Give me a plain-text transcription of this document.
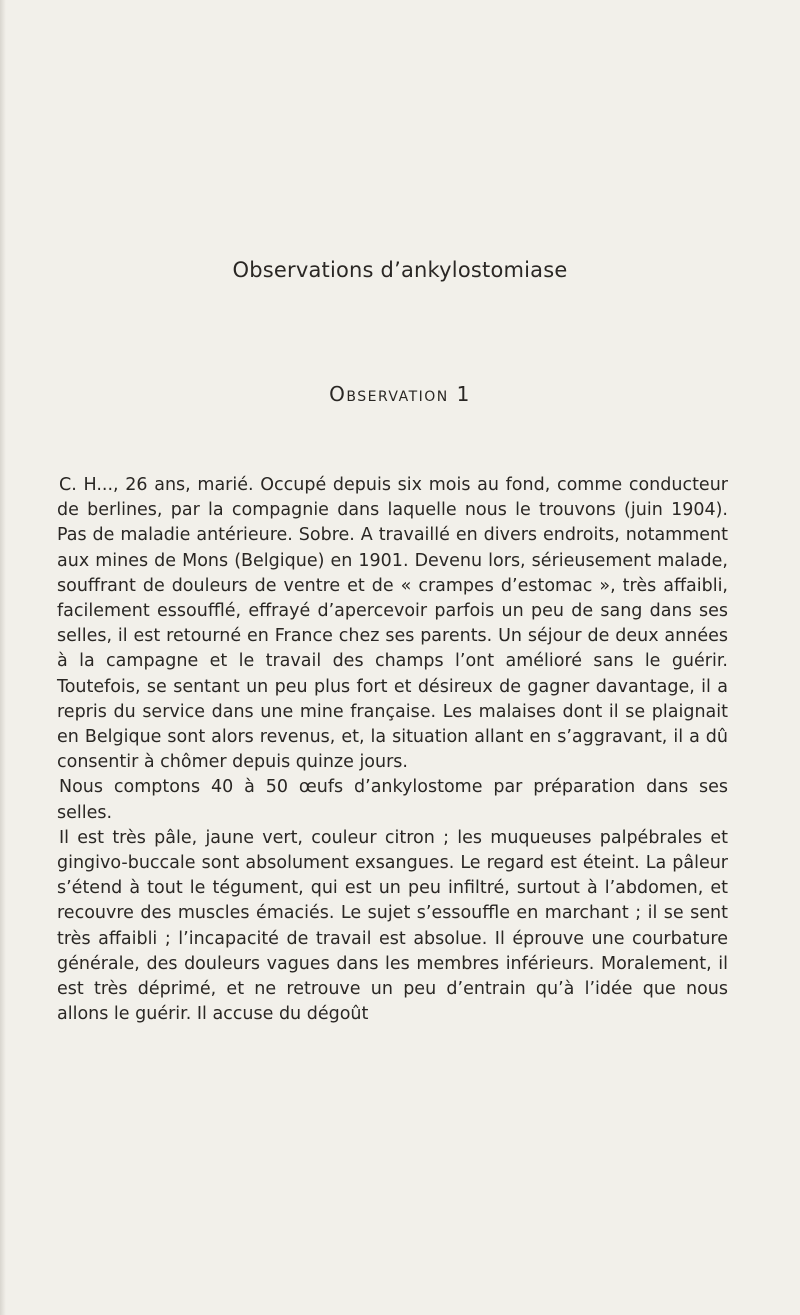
Observations d’ankylostomiase
Observation 1

C. H..., 26 ans, marié. Occupé depuis six mois au fond, comme conducteur de berlines, par la compagnie dans laquelle nous le trouvons (juin 1904). Pas de maladie antérieure. Sobre. A travaillé en divers endroits, notamment aux mines de Mons (Belgique) en 1901. Devenu lors, sérieusement malade, souffrant de douleurs de ventre et de « crampes d’estomac », très affaibli, facilement essoufflé, effrayé d’apercevoir parfois un peu de sang dans ses selles, il est retourné en France chez ses parents. Un séjour de deux années à la campagne et le travail des champs l’ont amélioré sans le guérir. Toutefois, se sentant un peu plus fort et désireux de gagner davantage, il a repris du service dans une mine française. Les malaises dont il se plaignait en Belgique sont alors revenus, et, la situation allant en s’aggravant, il a dû consentir à chômer depuis quinze jours.

Nous comptons 40 à 50 œufs d’ankylostome par préparation dans ses selles.

Il est très pâle, jaune vert, couleur citron ; les muqueuses palpébrales et gingivo-buccale sont absolument exsangues. Le regard est éteint. La pâleur s’étend à tout le tégument, qui est un peu infiltré, surtout à l’abdomen, et recouvre des muscles émaciés. Le sujet s’essouffle en marchant ; il se sent très affaibli ; l’incapacité de travail est absolue. Il éprouve une courbature générale, des douleurs vagues dans les membres inférieurs. Moralement, il est très déprimé, et ne retrouve un peu d’entrain qu’à l’idée que nous allons le guérir. Il accuse du dégoût
